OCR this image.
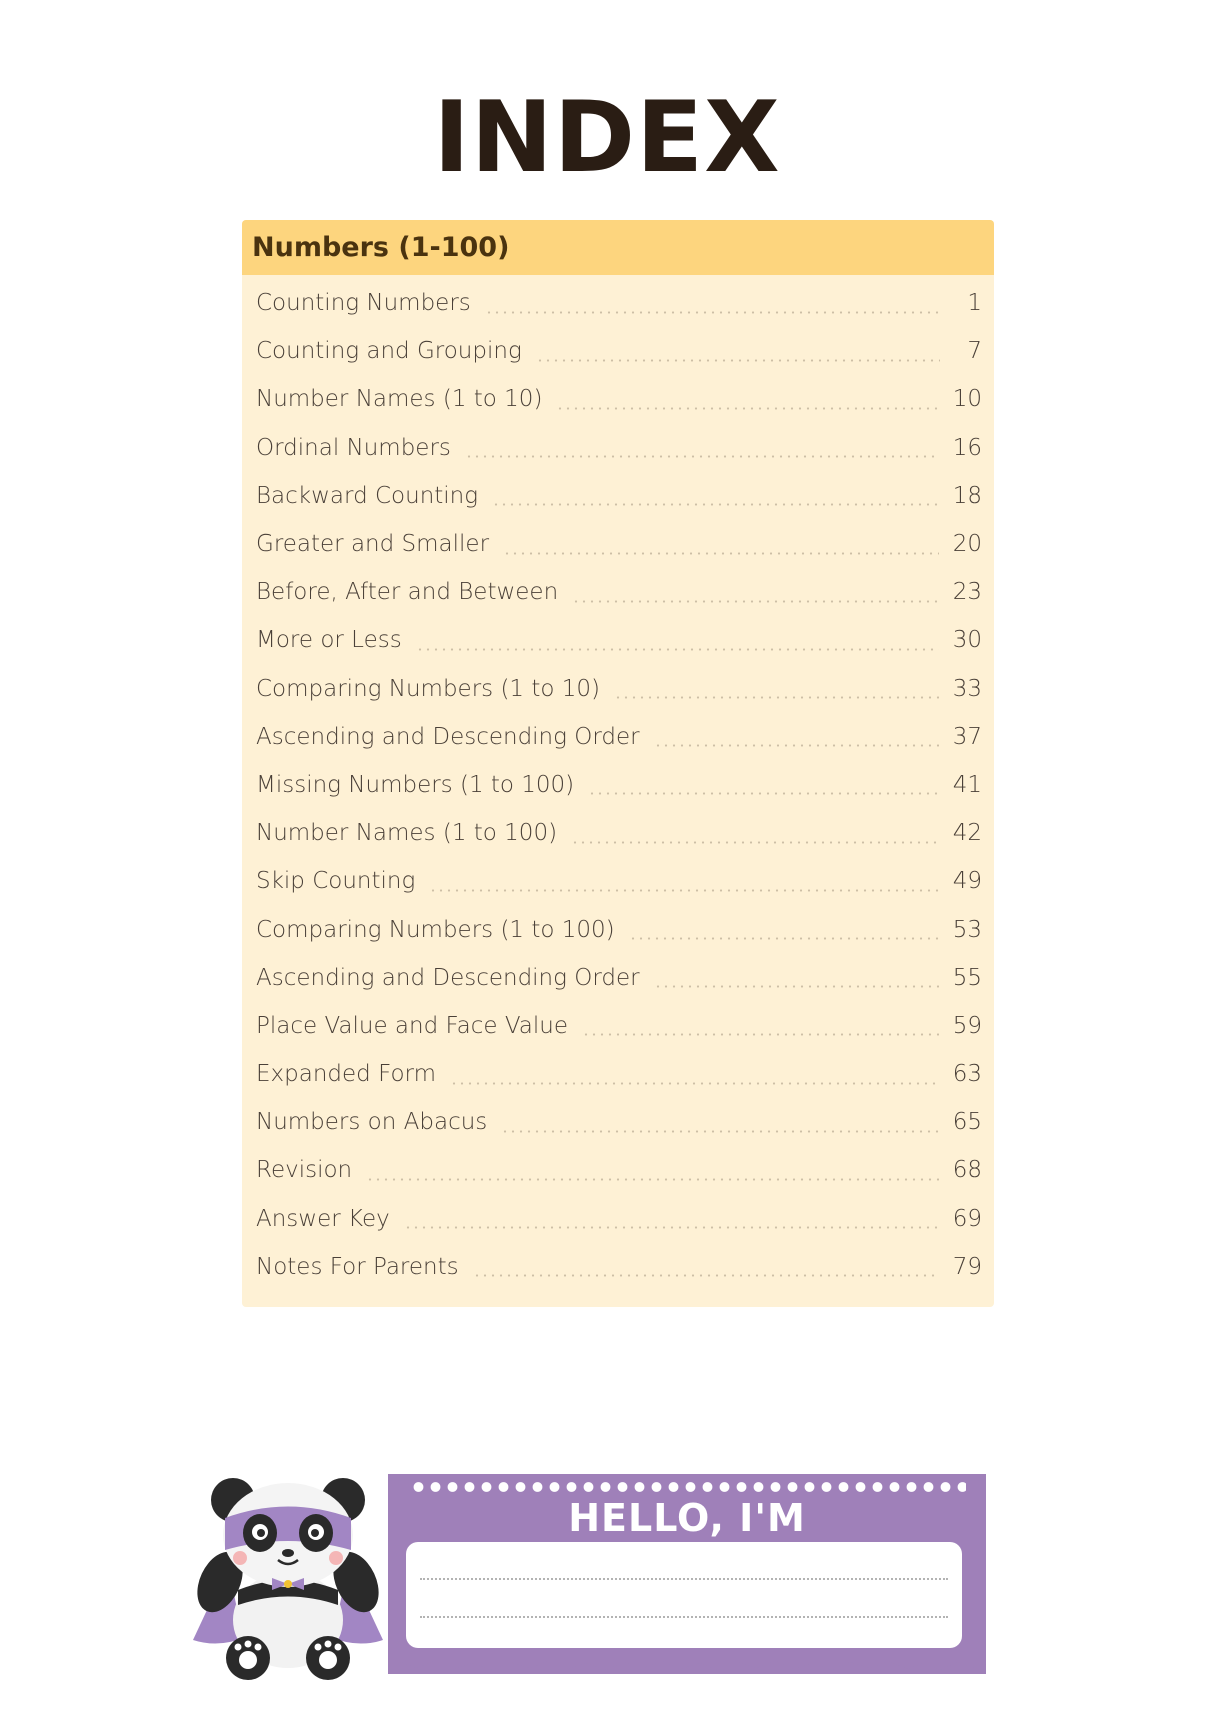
INDEX
Numbers (1-100)
Counting Numbers	1
Counting and Grouping	7
Number Names (1 to 10)	10
Ordinal Numbers	16
Backward Counting	18
Greater and Smaller	20
Before, After and Between	23
More or Less	30
Comparing Numbers (1 to 10)	33
Ascending and Descending Order	37
Missing Numbers (1 to 100)	41
Number Names (1 to 100)	42
Skip Counting	49
Comparing Numbers (1 to 100)	53
Ascending and Descending Order	55
Place Value and Face Value	59
Expanded Form	63
Numbers on Abacus	65
Revision	68
Answer Key	69
Notes For Parents	79
HELLO, I'M
